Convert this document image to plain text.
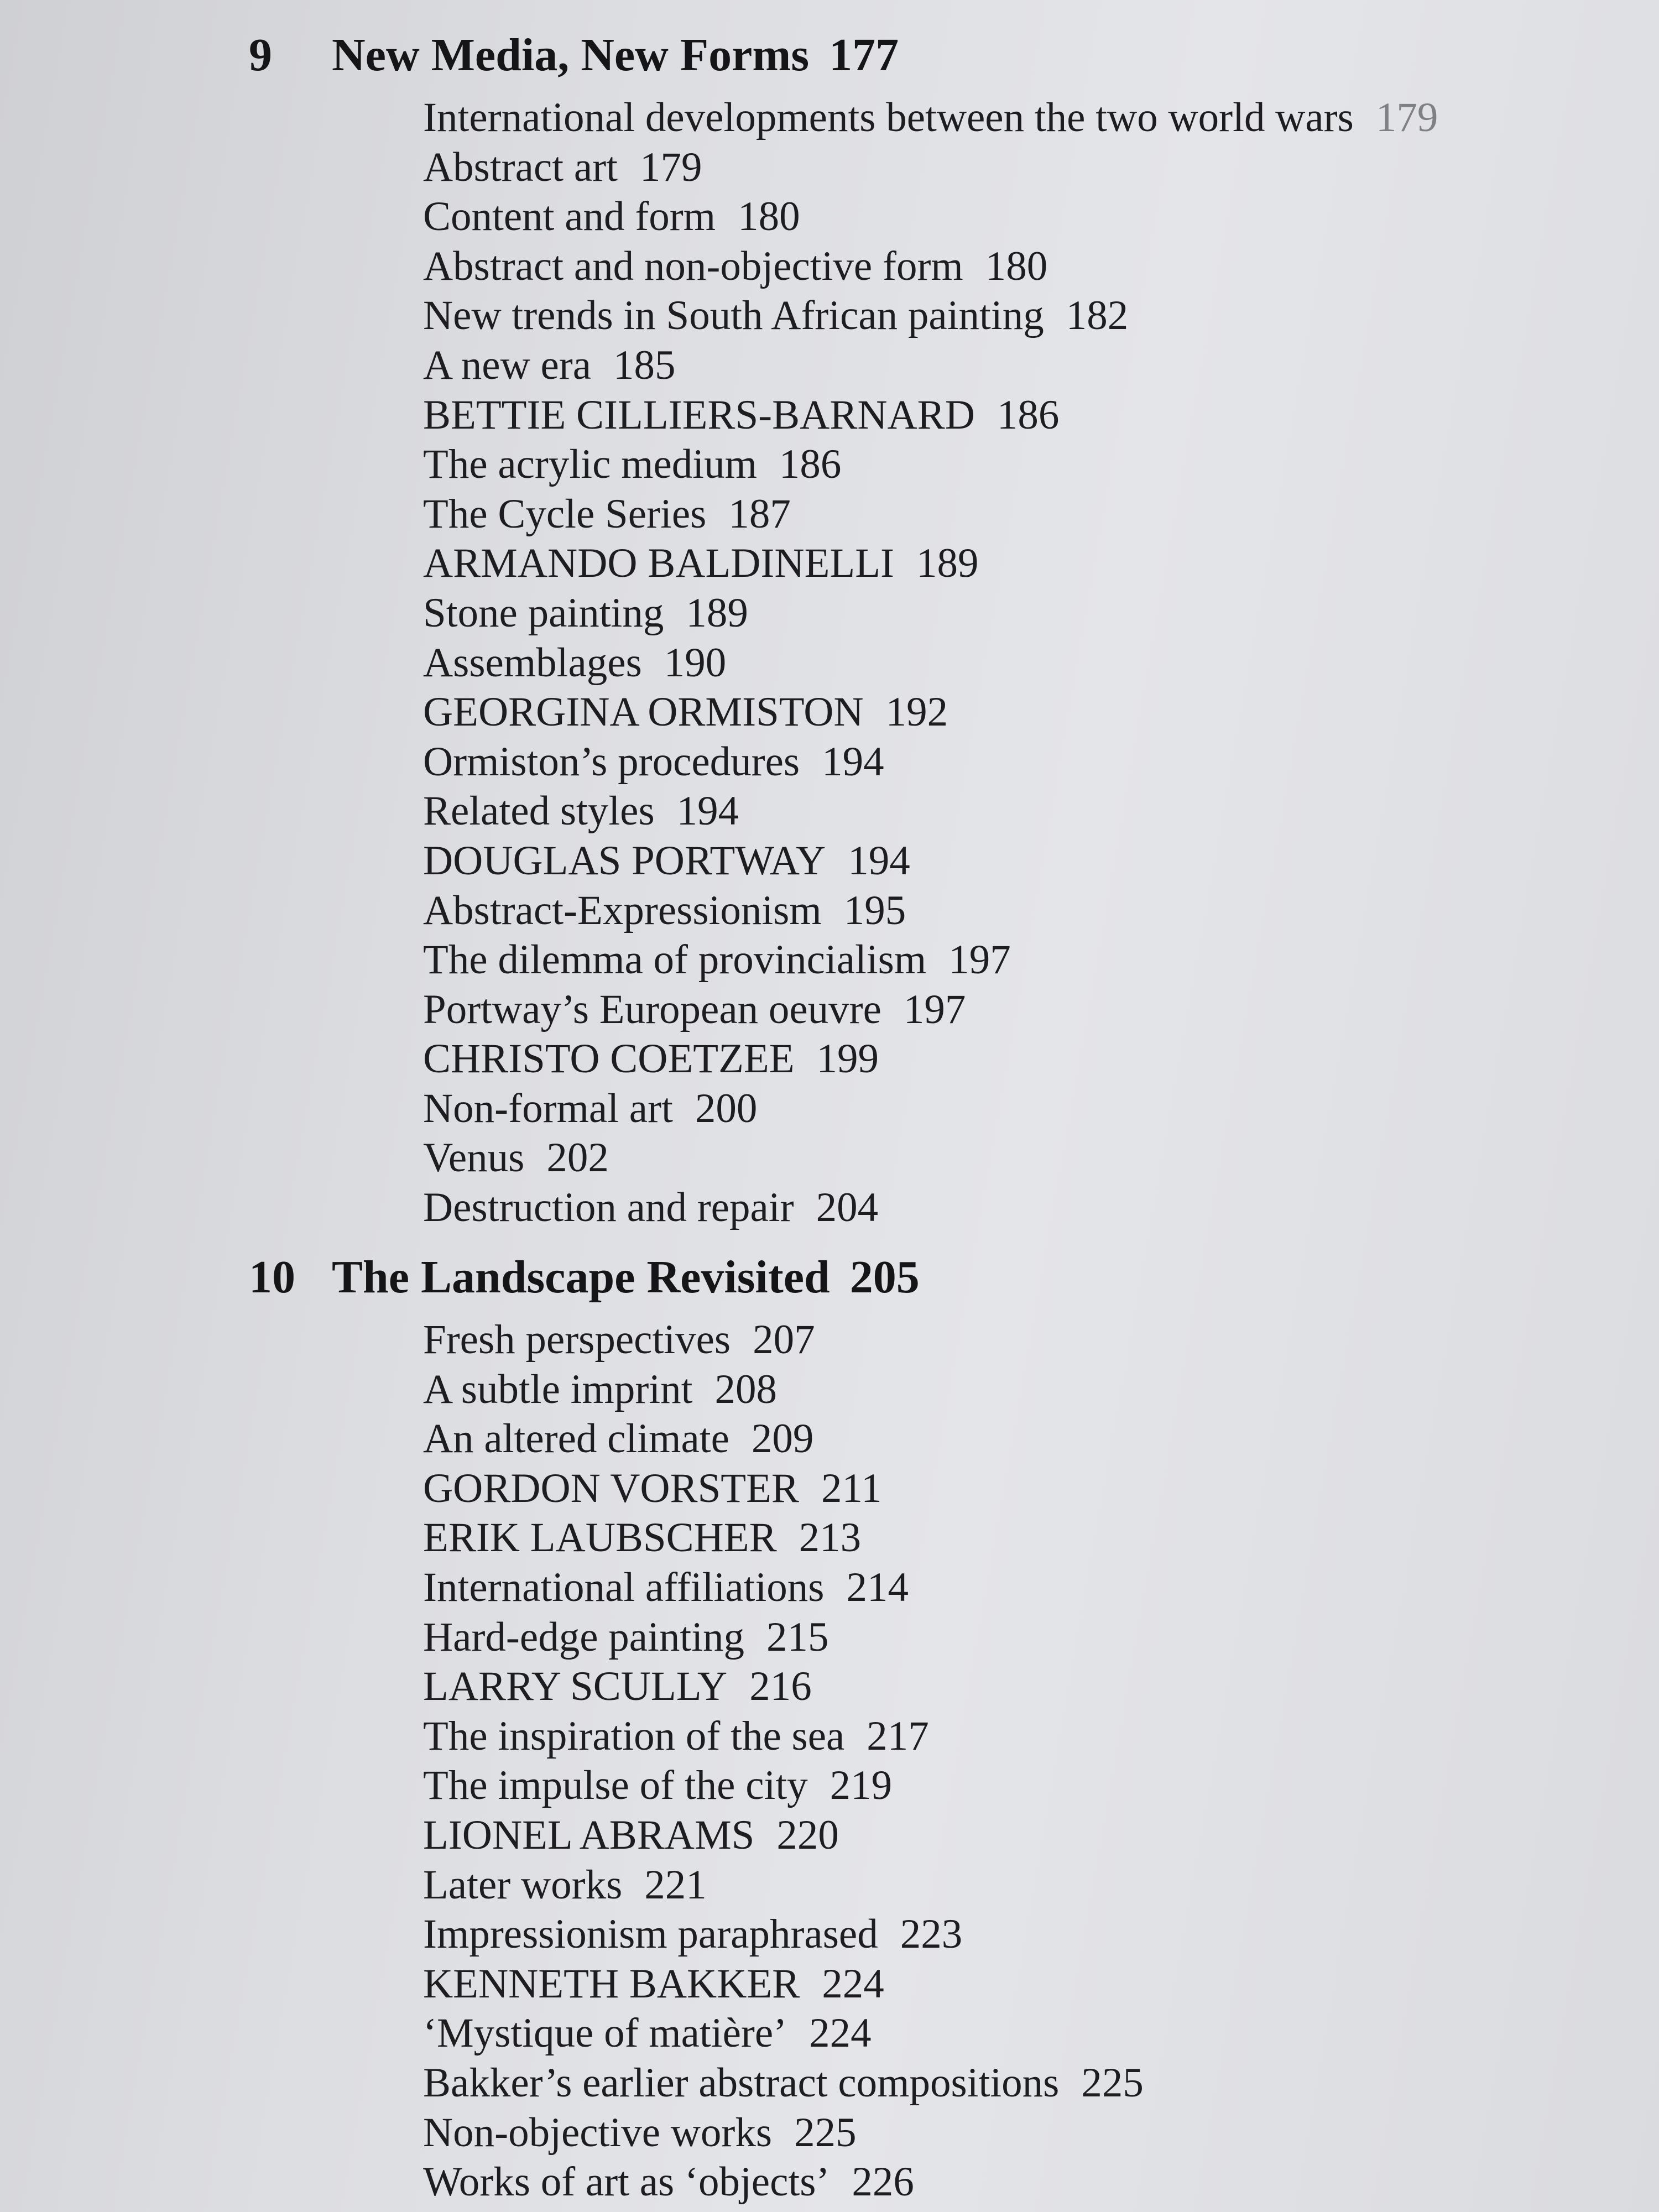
9	New Media, New Forms 177
International developments between the two world wars 179
Abstract art 179
Content and form 180
Abstract and non-objective form 180
New trends in South African painting 182
A new era 185
BETTIE CILLIERS-BARNARD 186
The acrylic medium 186
The Cycle Series 187
ARMANDO BALDINELLI 189
Stone painting 189
Assemblages 190
GEORGINA ORMISTON 192
Ormiston’s procedures 194
Related styles 194
DOUGLAS PORTWAY 194
Abstract-Expressionism 195
The dilemma of provincialism 197
Portway’s European oeuvre 197
CHRISTO COETZEE 199
Non-formal art 200
Venus 202
Destruction and repair 204
10 The Landscape Revisited 205
Fresh perspectives 207
A subtle imprint 208
An altered climate 209
GORDON VORSTER 211
ERIK LAUBSCHER 213
International affiliations 214
Hard-edge painting 215
LARRY SCULLY 216
The inspiration of the sea 217
The impulse of the city 219
LIONEL ABRAMS 220
Later works 221
Impressionism paraphrased 223
KENNETH BAKKER 224
‘Mystique of matière’ 224
Bakker’s earlier abstract compositions 225
Non-objective works 225
Works of art as ‘objects’ 226
